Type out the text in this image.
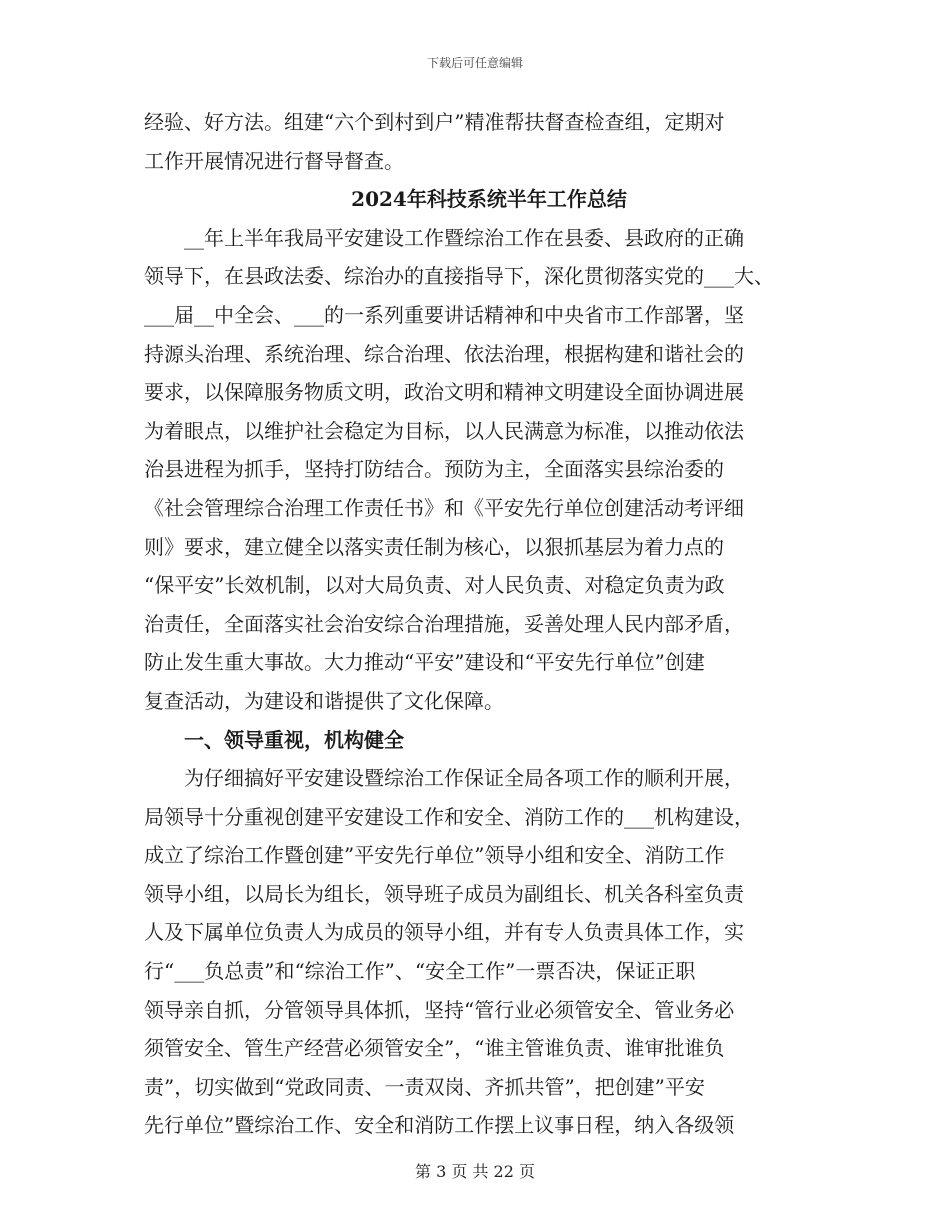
下载后可任意编辑
经验、好方法。组建“六个到村到户”精准帮扶督查检查组，定期对
工作开展情况进行督导督查。
2024年科技系统半年工作总结
__年上半年我局平安建设工作暨综治工作在县委、县政府的正确
领导下，在县政法委、综治办的直接指导下，深化贯彻落实党的___大、
___届__中全会、___的一系列重要讲话精神和中央省市工作部署，坚
持源头治理、系统治理、综合治理、依法治理，根据构建和谐社会的
要求，以保障服务物质文明，政治文明和精神文明建设全面协调进展
为着眼点，以维护社会稳定为目标，以人民满意为标准，以推动依法
治县进程为抓手，坚持打防结合。预防为主，全面落实县综治委的
《社会管理综合治理工作责任书》和《平安先行单位创建活动考评细
则》要求，建立健全以落实责任制为核心，以狠抓基层为着力点的
“保平安”长效机制，以对大局负责、对人民负责、对稳定负责为政
治责任，全面落实社会治安综合治理措施，妥善处理人民内部矛盾，
防止发生重大事故。大力推动“平安”建设和“平安先行单位”创建
复查活动，为建设和谐提供了文化保障。
一、领导重视，机构健全
为仔细搞好平安建设暨综治工作保证全局各项工作的顺利开展，
局领导十分重视创建平安建设工作和安全、消防工作的___机构建设，
成立了综治工作暨创建”平安先行单位”领导小组和安全、消防工作
领导小组，以局长为组长，领导班子成员为副组长、机关各科室负责
人及下属单位负责人为成员的领导小组，并有专人负责具体工作，实
行“___负总责”和“综治工作”、“安全工作”一票否决，保证正职
领导亲自抓，分管领导具体抓，坚持“管行业必须管安全、管业务必
须管安全、管生产经营必须管安全”，“谁主管谁负责、谁审批谁负
责”，切实做到“党政同责、一责双岗、齐抓共管”，把创建”平安
先行单位”暨综治工作、安全和消防工作摆上议事日程，纳入各级领
第 3 页 共 22 页
